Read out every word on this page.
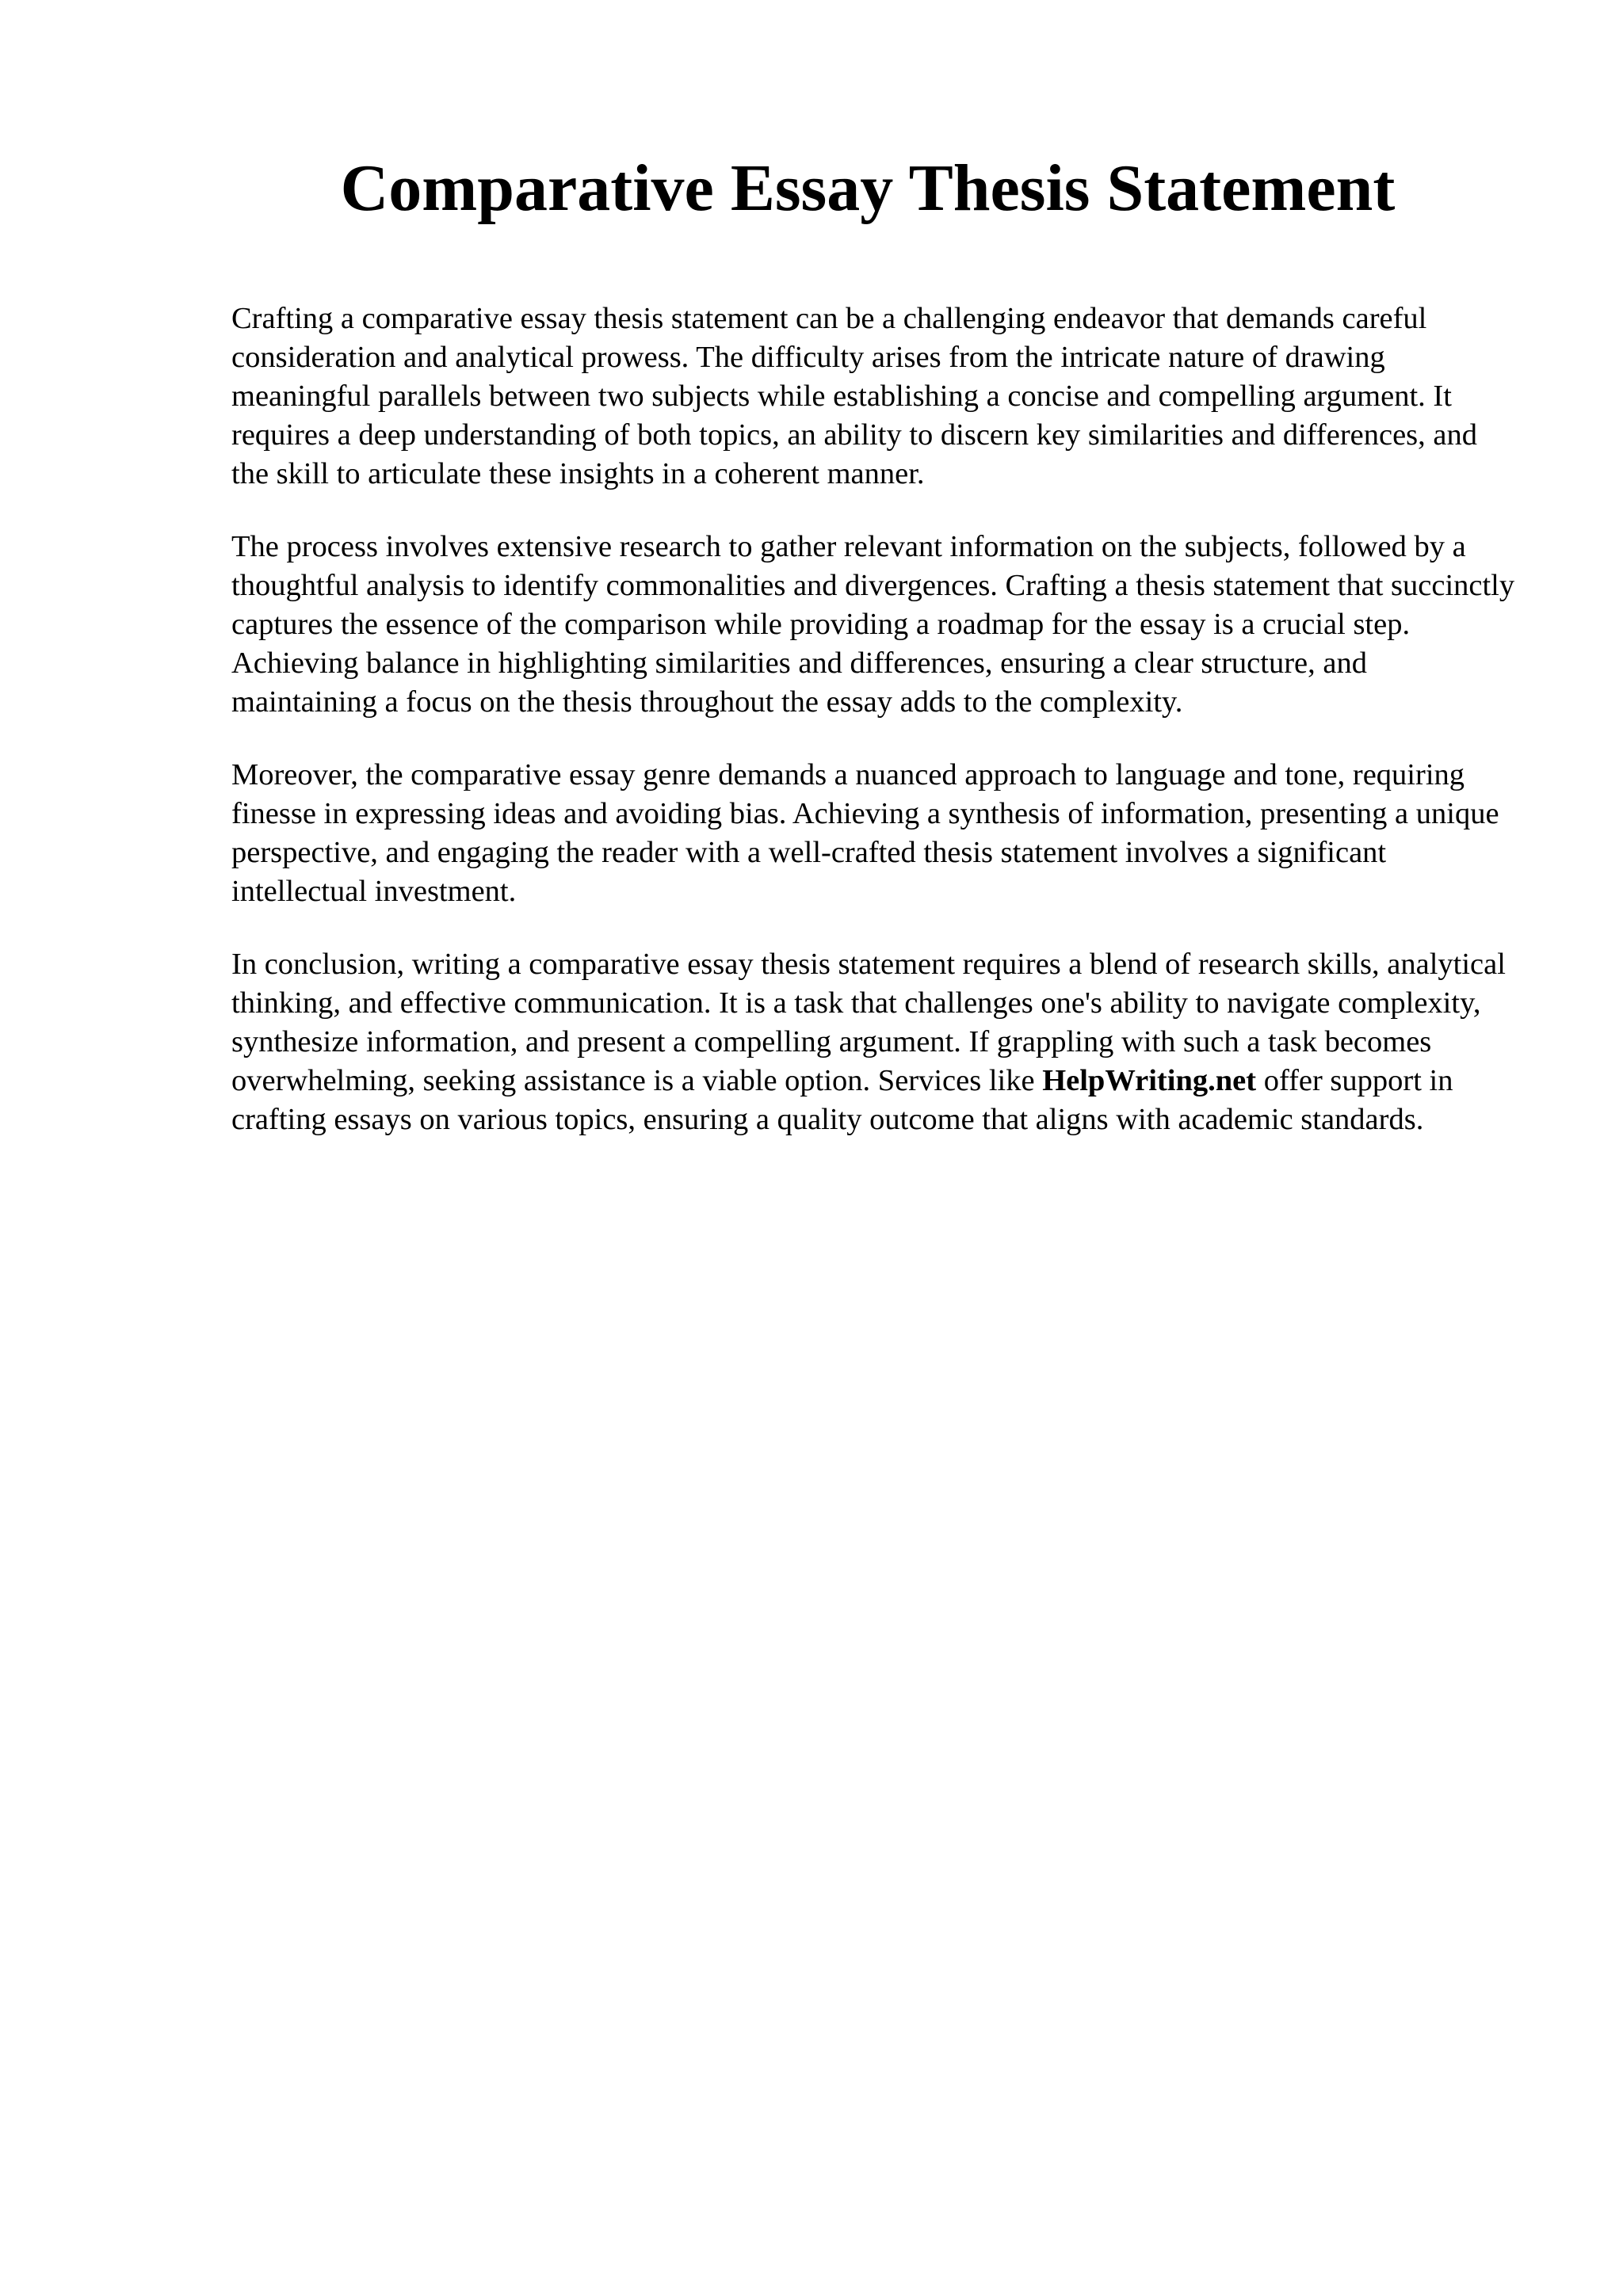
Comparative Essay Thesis Statement

Crafting a comparative essay thesis statement can be a challenging endeavor that demands careful consideration and analytical prowess. The difficulty arises from the intricate nature of drawing meaningful parallels between two subjects while establishing a concise and compelling argument. It requires a deep understanding of both topics, an ability to discern key similarities and differences, and the skill to articulate these insights in a coherent manner.

The process involves extensive research to gather relevant information on the subjects, followed by a thoughtful analysis to identify commonalities and divergences. Crafting a thesis statement that succinctly captures the essence of the comparison while providing a roadmap for the essay is a crucial step. Achieving balance in highlighting similarities and differences, ensuring a clear structure, and maintaining a focus on the thesis throughout the essay adds to the complexity.

Moreover, the comparative essay genre demands a nuanced approach to language and tone, requiring finesse in expressing ideas and avoiding bias. Achieving a synthesis of information, presenting a unique perspective, and engaging the reader with a well-crafted thesis statement involves a significant intellectual investment.

In conclusion, writing a comparative essay thesis statement requires a blend of research skills, analytical thinking, and effective communication. It is a task that challenges one's ability to navigate complexity, synthesize information, and present a compelling argument. If grappling with such a task becomes overwhelming, seeking assistance is a viable option. Services like HelpWriting.net offer support in crafting essays on various topics, ensuring a quality outcome that aligns with academic standards.
